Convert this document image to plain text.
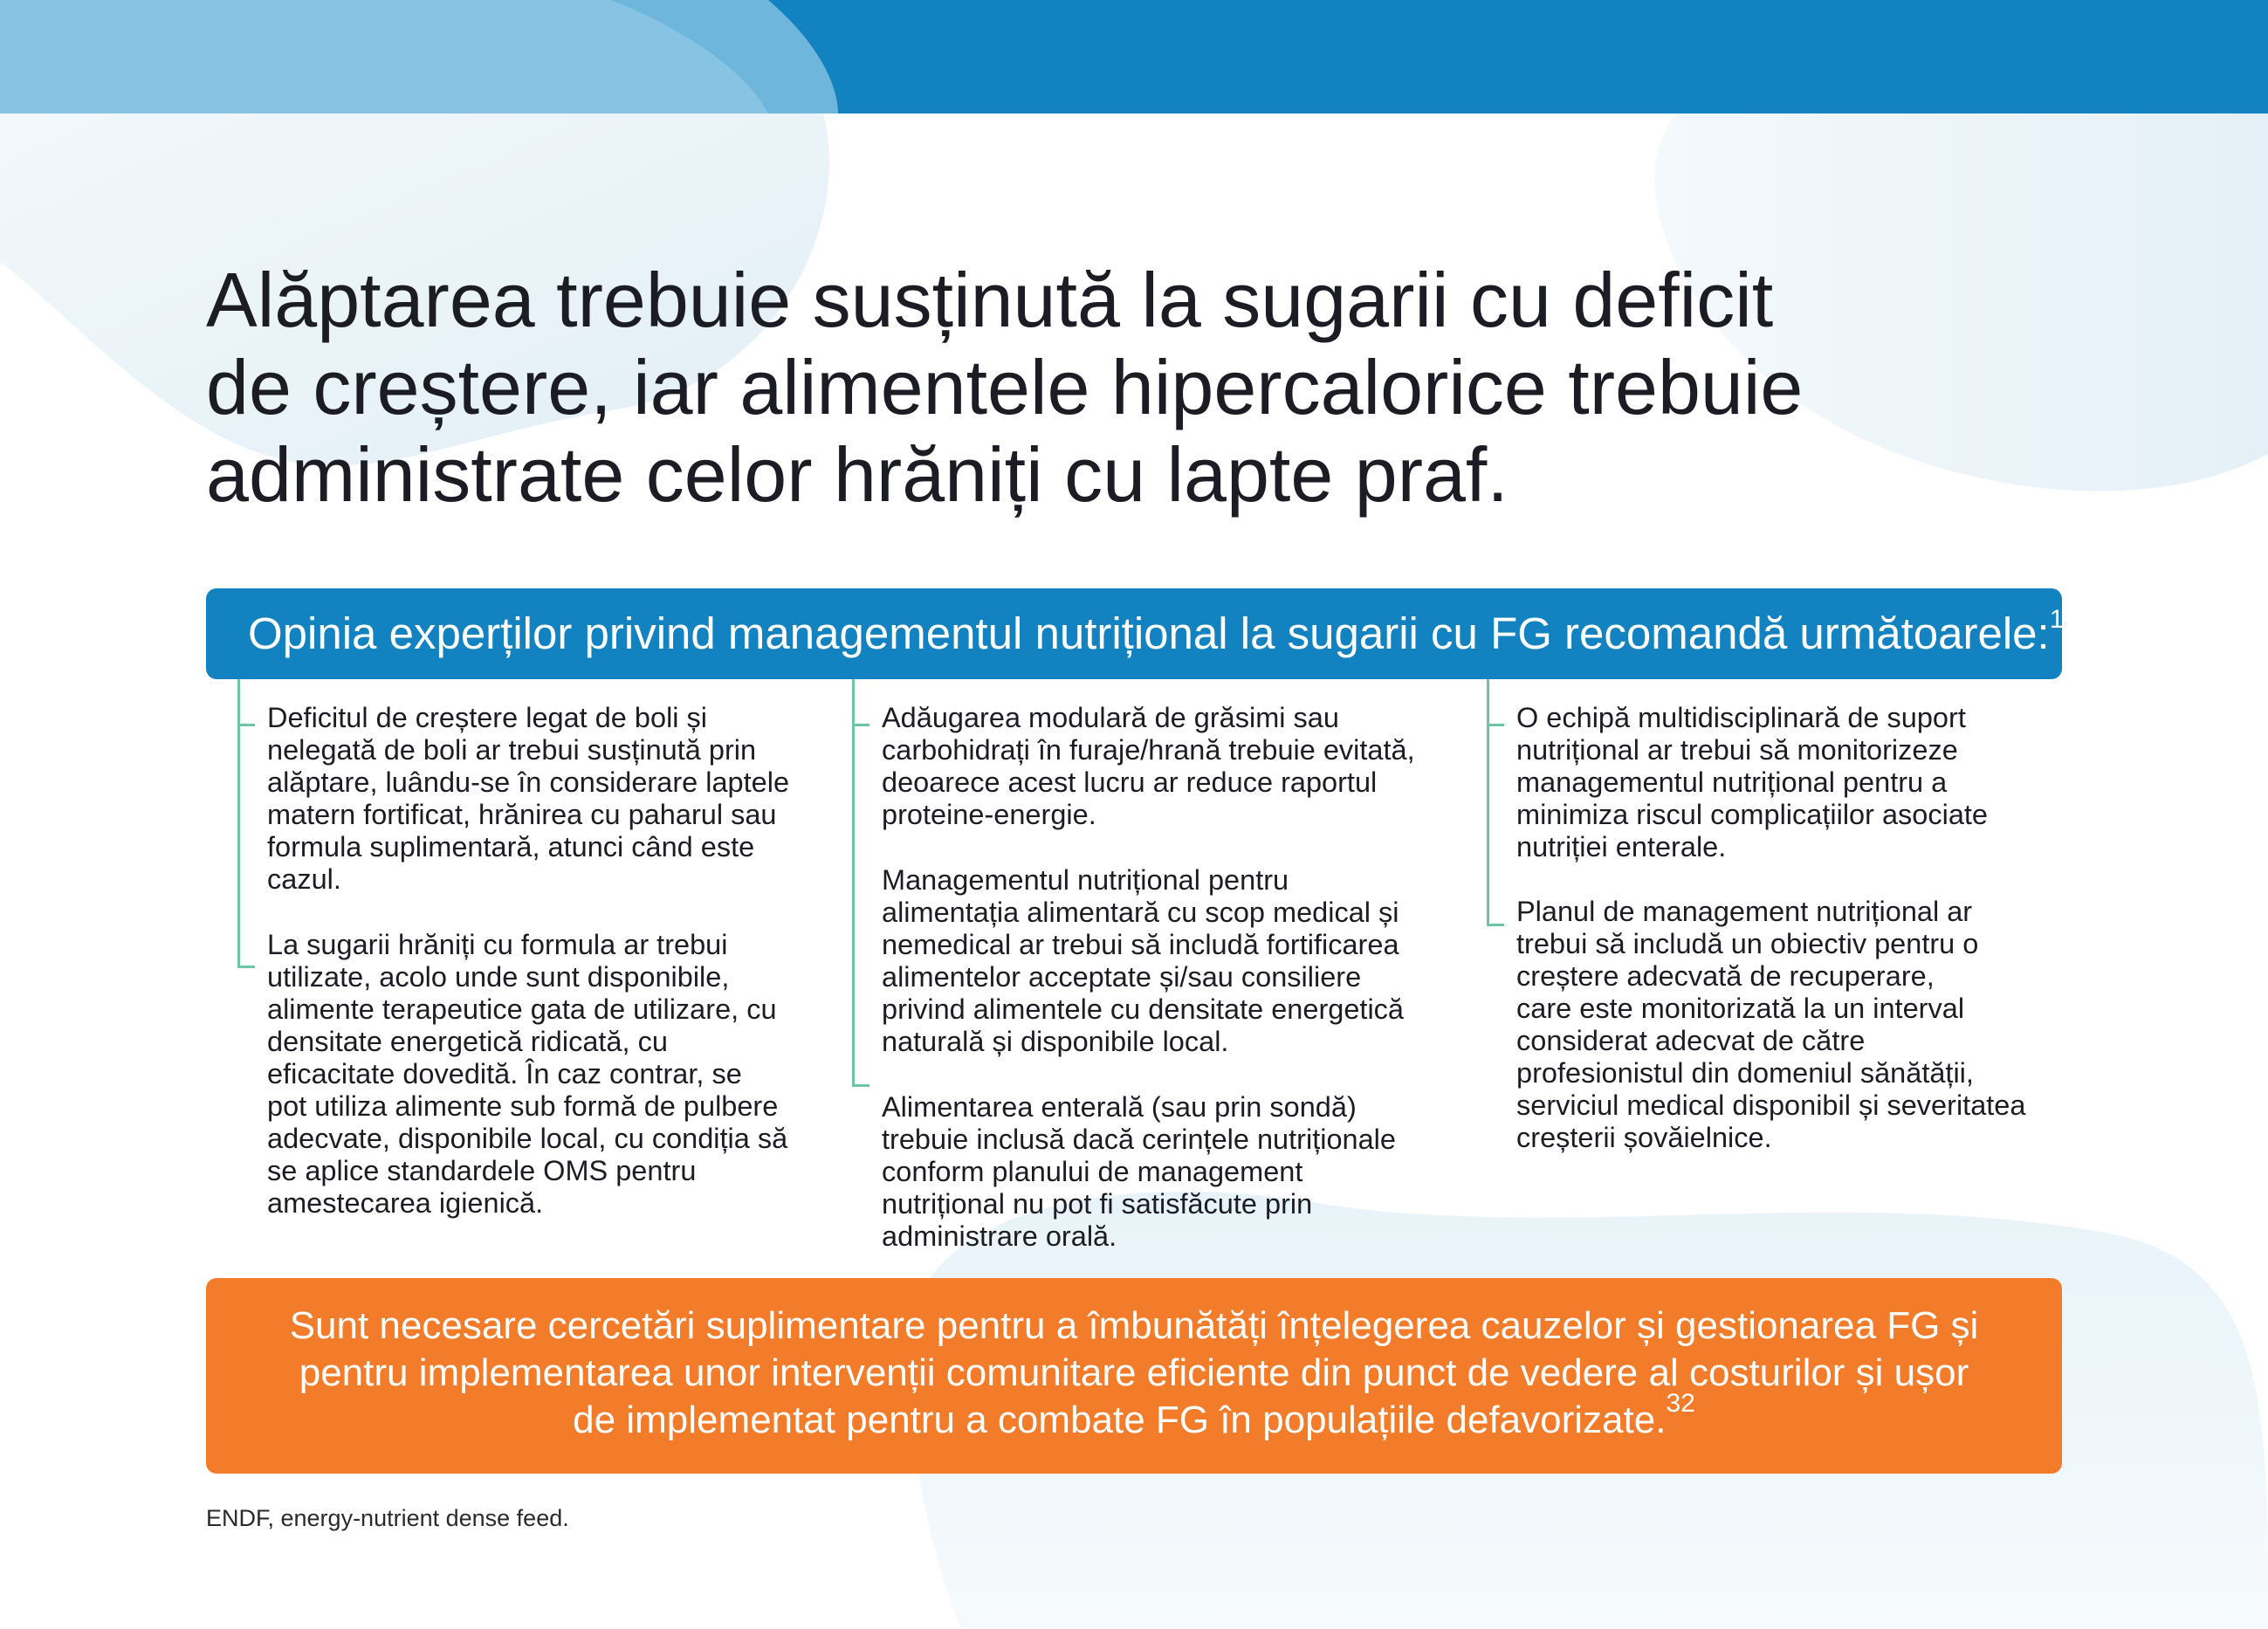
Alăptarea trebuie susținută la sugarii cu deficit
de creștere, iar alimentele hipercalorice trebuie
administrate celor hrăniți cu lapte praf.
Opinia experților privind managementul nutrițional la sugarii cu FG recomandă următoarele:$^1$

Deficitul de creștere legat de boli și
nelegată de boli ar trebui susținută prin
alăptare, luându-se în considerare laptele
matern fortificat, hrănirea cu paharul sau
formula suplimentară, atunci când este
cazul.

La sugarii hrăniți cu formula ar trebui
utilizate, acolo unde sunt disponibile,
alimente terapeutice gata de utilizare, cu
densitate energetică ridicată, cu
eficacitate dovedită. În caz contrar, se
pot utiliza alimente sub formă de pulbere
adecvate, disponibile local, cu condiția să
se aplice standardele OMS pentru
amestecarea igienică.

Adăugarea modulară de grăsimi sau
carbohidrați în furaje/hrană trebuie evitată,
deoarece acest lucru ar reduce raportul
proteine-energie.

Managementul nutrițional pentru
alimentația alimentară cu scop medical și
nemedical ar trebui să includă fortificarea
alimentelor acceptate și/sau consiliere
privind alimentele cu densitate energetică
naturală și disponibile local.

Alimentarea enterală (sau prin sondă)
trebuie inclusă dacă cerințele nutriționale
conform planului de management
nutrițional nu pot fi satisfăcute prin
administrare orală.

O echipă multidisciplinară de suport
nutrițional ar trebui să monitorizeze
managementul nutrițional pentru a
minimiza riscul complicațiilor asociate
nutriției enterale.

Planul de management nutrițional ar
trebui să includă un obiectiv pentru o
creștere adecvată de recuperare,
care este monitorizată la un interval
considerat adecvat de către
profesionistul din domeniul sănătății,
serviciul medical disponibil și severitatea
creșterii șovăielnice.

Sunt necesare cercetări suplimentare pentru a îmbunătăți înțelegerea cauzelor și gestionarea FG și
pentru implementarea unor intervenții comunitare eficiente din punct de vedere al costurilor și ușor
de implementat pentru a combate FG în populațiile defavorizate.$^{32}$

ENDF, energy-nutrient dense feed.
